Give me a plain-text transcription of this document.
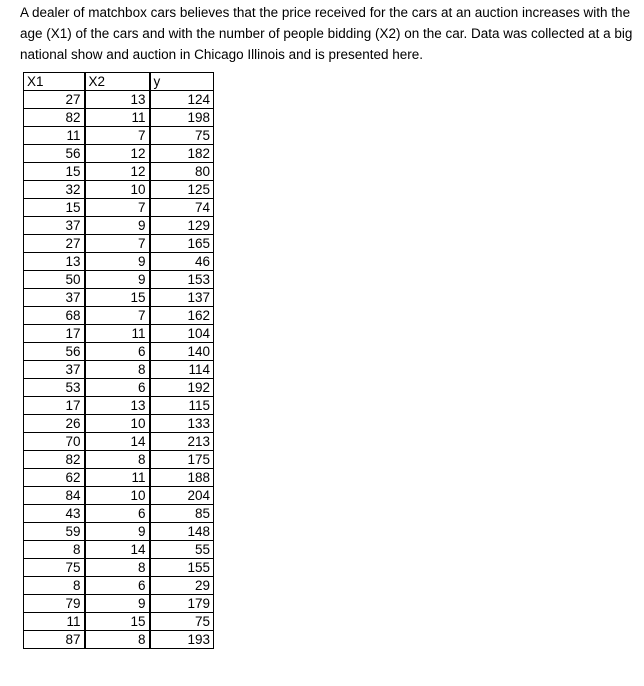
A dealer of matchbox cars believes that the price received for the cars at an auction increases with the
age (X1) of the cars and with the number of people bidding (X2) on the car. Data was collected at a big
national show and auction in Chicago Illinois and is presented here.
X1	X2	y
27	13	124
82	11	198
11	7	75
56	12	182
15	12	80
32	10	125
15	7	74
37	9	129
27	7	165
13	9	46
50	9	153
37	15	137
68	7	162
17	11	104
56	6	140
37	8	114
53	6	192
17	13	115
26	10	133
70	14	213
82	8	175
62	11	188
84	10	204
43	6	85
59	9	148
8	14	55
75	8	155
8	6	29
79	9	179
11	15	75
87	8	193
